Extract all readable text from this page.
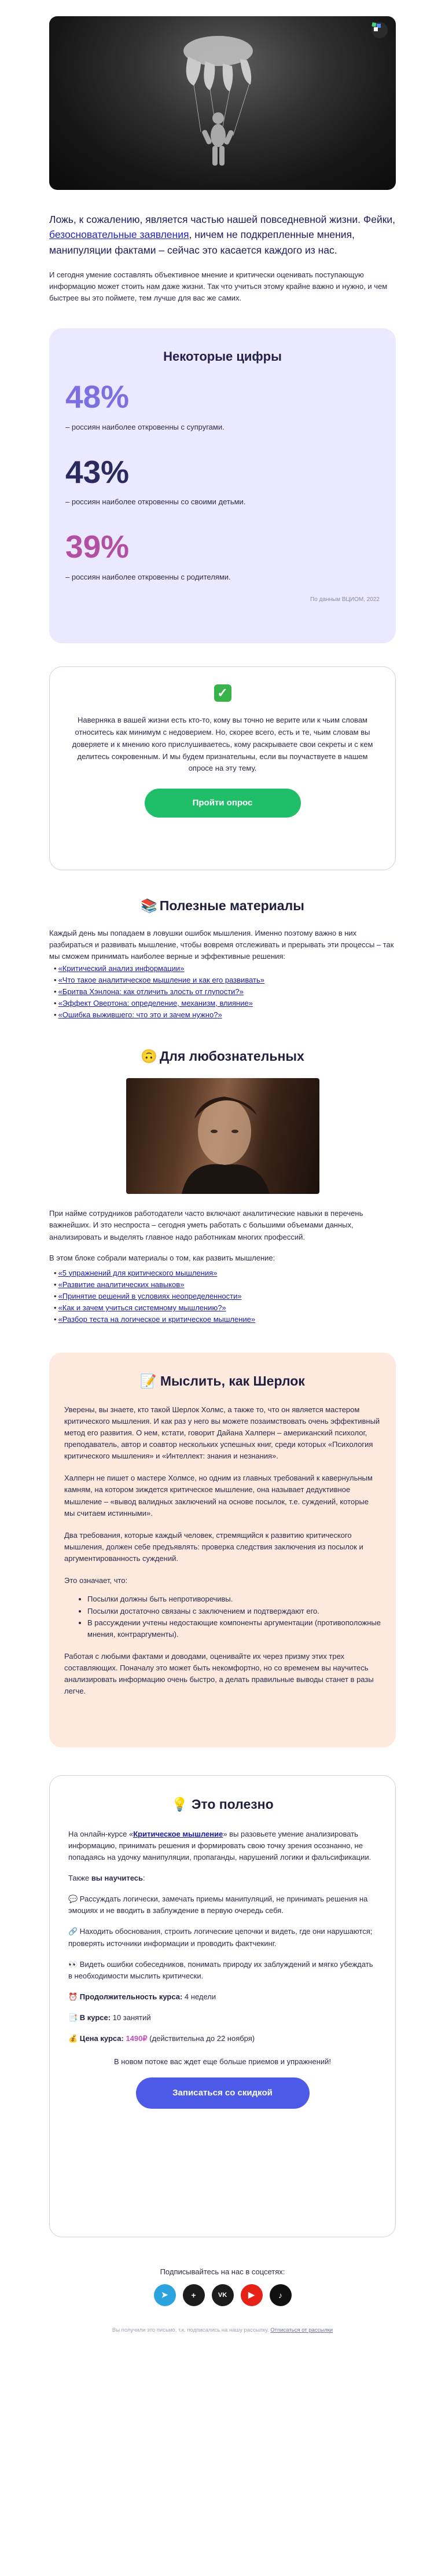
Ложь, к сожалению, является частью нашей повседневной жизни. Фейки, безосновательные заявления, ничем не подкрепленные мнения, манипуляции фактами – сейчас это касается каждого из нас.
И сегодня умение составлять объективное мнение и критически оценивать поступающую информацию может стоить нам даже жизни. Так что учиться этому крайне важно и нужно, и чем быстрее вы это поймете, тем лучше для вас же самих.
Некоторые цифры
48%
– россиян наиболее откровенны с супругами.
43%
– россиян наиболее откровенны со своими детьми.
39%
– россиян наиболее откровенны с родителями.
По данным ВЦИОМ, 2022
✓
Наверняка в вашей жизни есть кто-то, кому вы точно не верите или к чьим словам относитесь как минимум с недоверием. Но, скорее всего, есть и те, чьим словам вы доверяете и к мнению кого прислушиваетесь, кому раскрываете свои секреты и с кем делитесь сокровенным. И мы будем признательны, если вы поучаствуете в нашем опросе на эту тему.
Пройти опрос
📚 Полезные материалы
Каждый день мы попадаем в ловушки ошибок мышления. Именно поэтому важно в них разбираться и развивать мышление, чтобы вовремя отслеживать и прерывать эти процессы – так мы сможем принимать наиболее верные и эффективные решения:
• «Критический анализ информации»
• «Что такое аналитическое мышление и как его развивать»
• «Бритва Хэнлона: как отличить злость от глупости?»
• «Эффект Овертона: определение, механизм, влияние»
• «Ошибка выжившего: что это и зачем нужно?»
🙃 Для любознательных
При найме сотрудников работодатели часто включают аналитические навыки в перечень важнейших. И это неспроста – сегодня уметь работать с большими объемами данных, анализировать и выделять главное надо работникам многих профессий.
В этом блоке собрали материалы о том, как развить мышление:
• «5 упражнений для критического мышления»
• «Развитие аналитических навыков»
• «Принятие решений в условиях неопределенности»
• «Как и зачем учиться системному мышлению?»
• «Разбор теста на логическое и критическое мышление»
📝 Мыслить, как Шерлок
Уверены, вы знаете, кто такой Шерлок Холмс, а также то, что он является мастером критического мышления. И как раз у него вы можете позаимствовать очень эффективный метод его развития. О нем, кстати, говорит Дайана Халперн – американский психолог, преподаватель, автор и соавтор нескольких успешных книг, среди которых «Психология критического мышления» и «Интеллект: знания и незнания».
Халперн не пишет о мастере Холмсе, но одним из главных требований к кавернульным камням, на котором зиждется критическое мышление, она называет дедуктивное мышление – «вывод валидных заключений на основе посылок, т.е. суждений, которые мы считаем истинными».
Два требования, которые каждый человек, стремящийся к развитию критического мышления, должен себе предъявлять: проверка следствия заключения из посылок и аргументированность суждений.
Это означает, что:
• Посылки должны быть непротиворечивы.
• Посылки достаточно связаны с заключением и подтверждают его.
• В рассуждении учтены недостающие компоненты аргументации (противоположные мнения, контраргументы).
Работая с любыми фактами и доводами, оценивайте их через призму этих трех составляющих. Поначалу это может быть некомфортно, но со временем вы научитесь анализировать информацию очень быстро, а делать правильные выводы станет в разы легче.
💡 Это полезно
На онлайн-курсе «Критическое мышление» вы разовьете умение анализировать информацию, принимать решения и формировать свою точку зрения осознанно, не попадаясь на удочку манипуляции, пропаганды, нарушений логики и фальсификации.
Также вы научитесь:
💬 Рассуждать логически, замечать приемы манипуляций, не принимать решения на эмоциях и не вводить в заблуждение в первую очередь себя.
🔗 Находить обоснования, строить логические цепочки и видеть, где они нарушаются; проверять источники информации и проводить фактчекинг.
👀 Видеть ошибки собеседников, понимать природу их заблуждений и мягко убеждать в необходимости мыслить критически.
⏰ Продолжительность курса: 4 недели
📑 В курсе: 10 занятий
💰 Цена курса: 1490₽ (действительна до 22 ноября)
В новом потоке вас ждет еще больше приемов и упражнений!
Записаться со скидкой
Подписывайтесь на нас в соцсетях:
➤	+	VK	▶	♪
Вы получили это письмо, т.к. подписались на нашу рассылку. Отписаться от рассылки
